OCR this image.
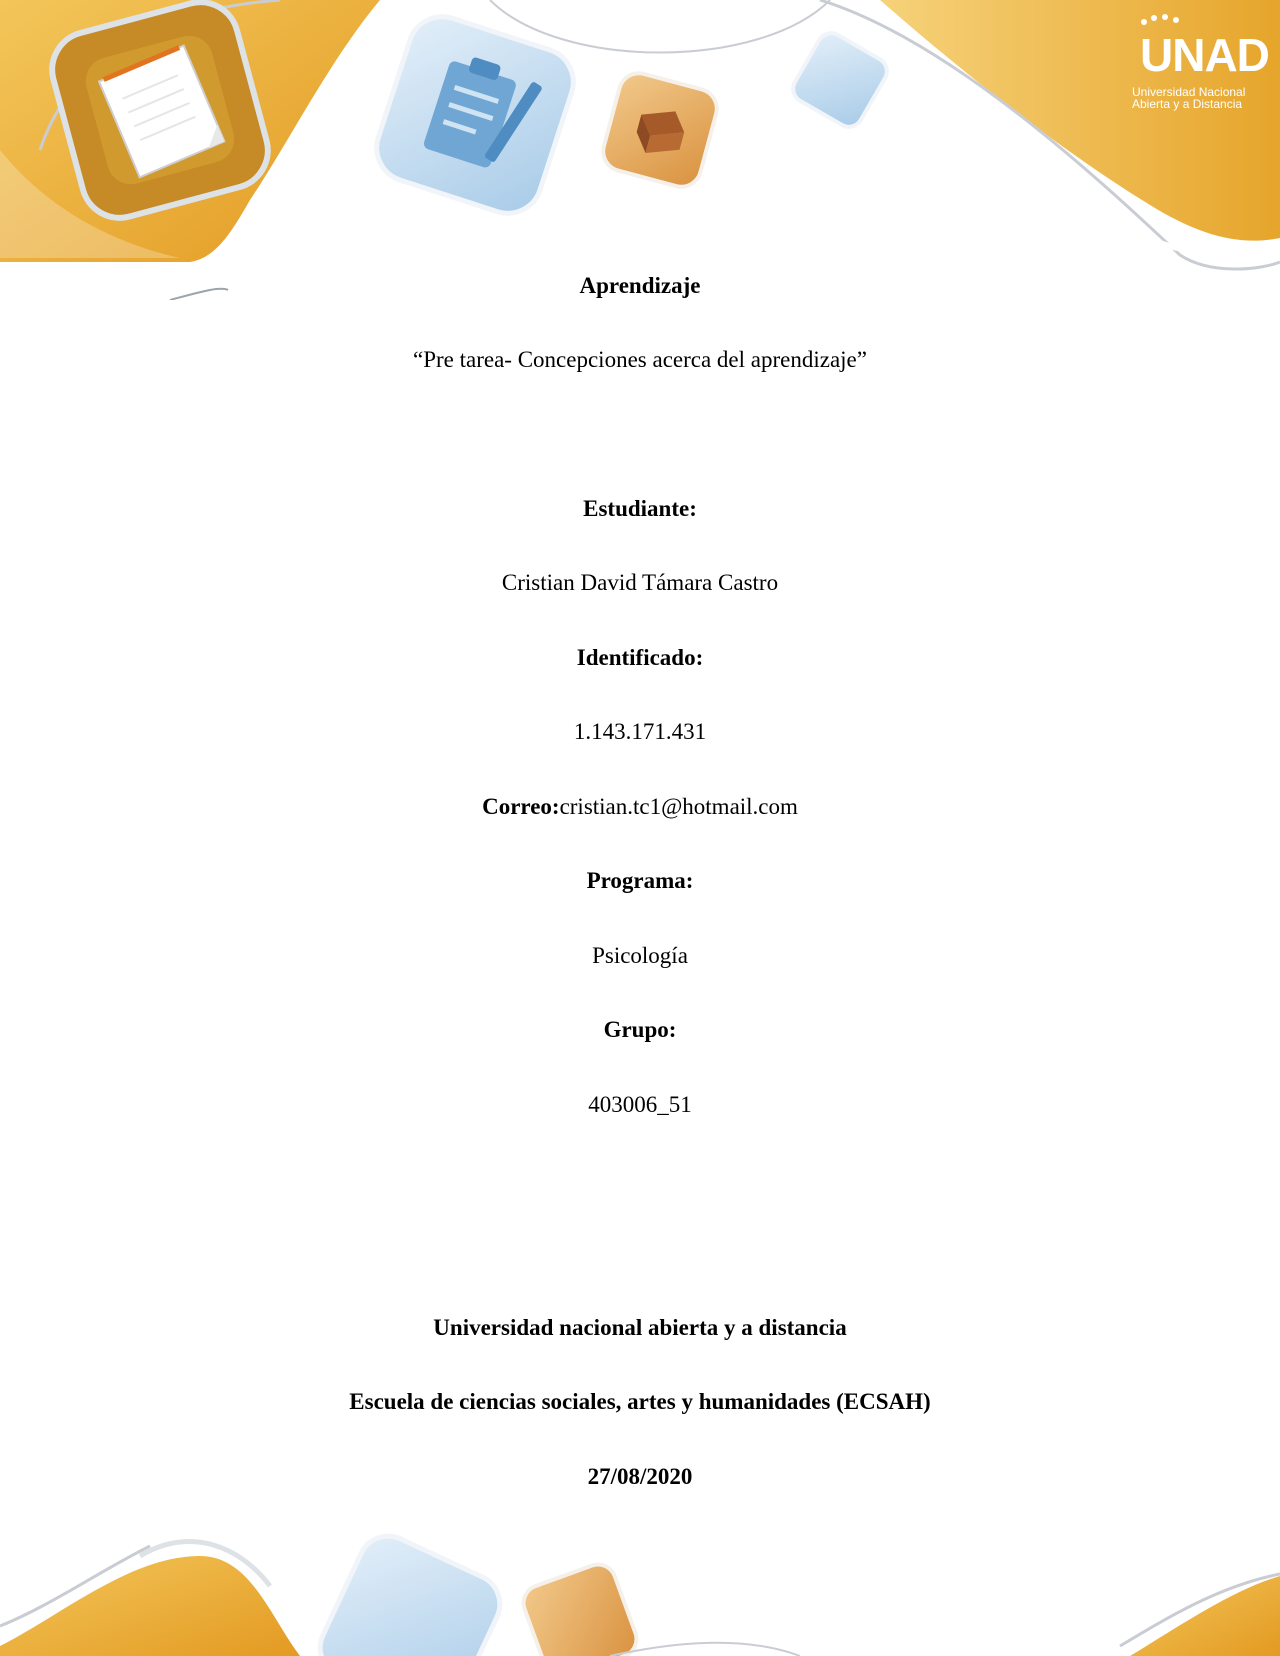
UNAD
Universidad Nacional
Abierta y a Distancia
Aprendizaje
“Pre tarea- Concepciones acerca del aprendizaje”
Estudiante:
Cristian David Támara Castro
Identificado:
1.143.171.431
Correo:cristian.tc1@hotmail.com
Programa:
Psicología
Grupo:
403006_51
Universidad nacional abierta y a distancia
Escuela de ciencias sociales, artes y humanidades (ECSAH)
27/08/2020
